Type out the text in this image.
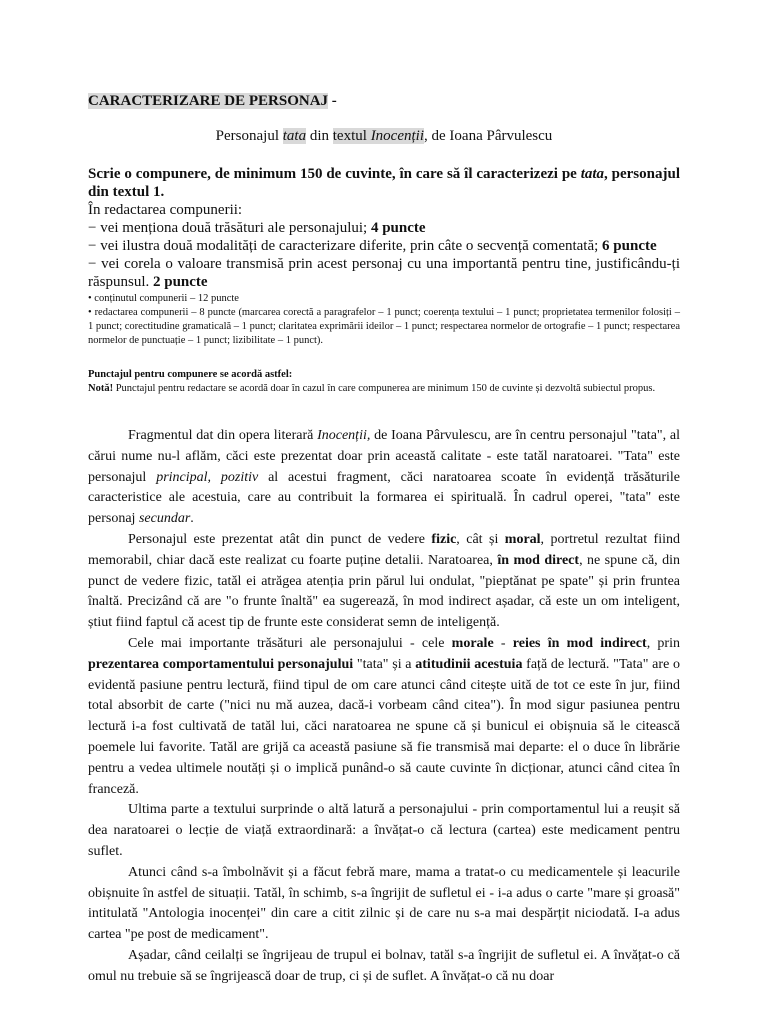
CARACTERIZARE DE PERSONAJ -
Personajul tata din textul Inocenții, de Ioana Pârvulescu
Scrie o compunere, de minimum 150 de cuvinte, în care să îl caracterizezi pe tata, personajul din textul 1.
În redactarea compunerii:
− vei menționa două trăsături ale personajului; 4 puncte
− vei ilustra două modalități de caracterizare diferite, prin câte o secvență comentată; 6 puncte
− vei corela o valoare transmisă prin acest personaj cu una importantă pentru tine, justificându-ți răspunsul. 2 puncte
• conținutul compunerii – 12 puncte
• redactarea compunerii – 8 puncte (marcarea corectă a paragrafelor – 1 punct; coerența textului – 1 punct; proprietatea termenilor folosiți – 1 punct; corectitudine gramaticală – 1 punct; claritatea exprimării ideilor – 1 punct; respectarea normelor de ortografie – 1 punct; respectarea normelor de punctuație – 1 punct; lizibilitate – 1 punct).
Punctajul pentru compunere se acordă astfel:
Notă! Punctajul pentru redactare se acordă doar în cazul în care compunerea are minimum 150 de cuvinte și dezvoltă subiectul propus.

Fragmentul dat din opera literară Inocenții, de Ioana Pârvulescu, are în centru personajul "tata", al cărui nume nu-l aflăm, căci este prezentat doar prin această calitate - este tatăl naratoarei. "Tata" este personajul principal, pozitiv al acestui fragment, căci naratoarea scoate în evidență trăsăturile caracteristice ale acestuia, care au contribuit la formarea ei spirituală. În cadrul operei, "tata" este personaj secundar.

Personajul este prezentat atât din punct de vedere fizic, cât și moral, portretul rezultat fiind memorabil, chiar dacă este realizat cu foarte puține detalii. Naratoarea, în mod direct, ne spune că, din punct de vedere fizic, tatăl ei atrăgea atenția prin părul lui ondulat, "pieptănat pe spate" și prin fruntea înaltă. Precizând că are "o frunte înaltă" ea sugerează, în mod indirect așadar, că este un om inteligent, știut fiind faptul că acest tip de frunte este considerat semn de inteligență.

Cele mai importante trăsături ale personajului - cele morale - reies în mod indirect, prin prezentarea comportamentului personajului "tata" și a atitudinii acestuia față de lectură. "Tata" are o evidentă pasiune pentru lectură, fiind tipul de om care atunci când citește uită de tot ce este în jur, fiind total absorbit de carte ("nici nu mă auzea, dacă-i vorbeam când citea"). În mod sigur pasiunea pentru lectură i-a fost cultivată de tatăl lui, căci naratoarea ne spune că și bunicul ei obișnuia să le citească poemele lui favorite. Tatăl are grijă ca această pasiune să fie transmisă mai departe: el o duce în librărie pentru a vedea ultimele noutăți și o implică punând-o să caute cuvinte în dicționar, atunci când citea în franceză.

Ultima parte a textului surprinde o altă latură a personajului - prin comportamentul lui a reușit să dea naratoarei o lecție de viață extraordinară: a învățat-o că lectura (cartea) este medicament pentru suflet.

Atunci când s-a îmbolnăvit și a făcut febră mare, mama a tratat-o cu medicamentele și leacurile obișnuite în astfel de situații. Tatăl, în schimb, s-a îngrijit de sufletul ei - i-a adus o carte "mare și groasă" intitulată "Antologia inocenței" din care a citit zilnic și de care nu s-a mai despărțit niciodată. I-a adus cartea "pe post de medicament".

Așadar, când ceilalți se îngrijeau de trupul ei bolnav, tatăl s-a îngrijit de sufletul ei. A învățat-o că omul nu trebuie să se îngrijească doar de trup, ci și de suflet. A învățat-o că nu doar
